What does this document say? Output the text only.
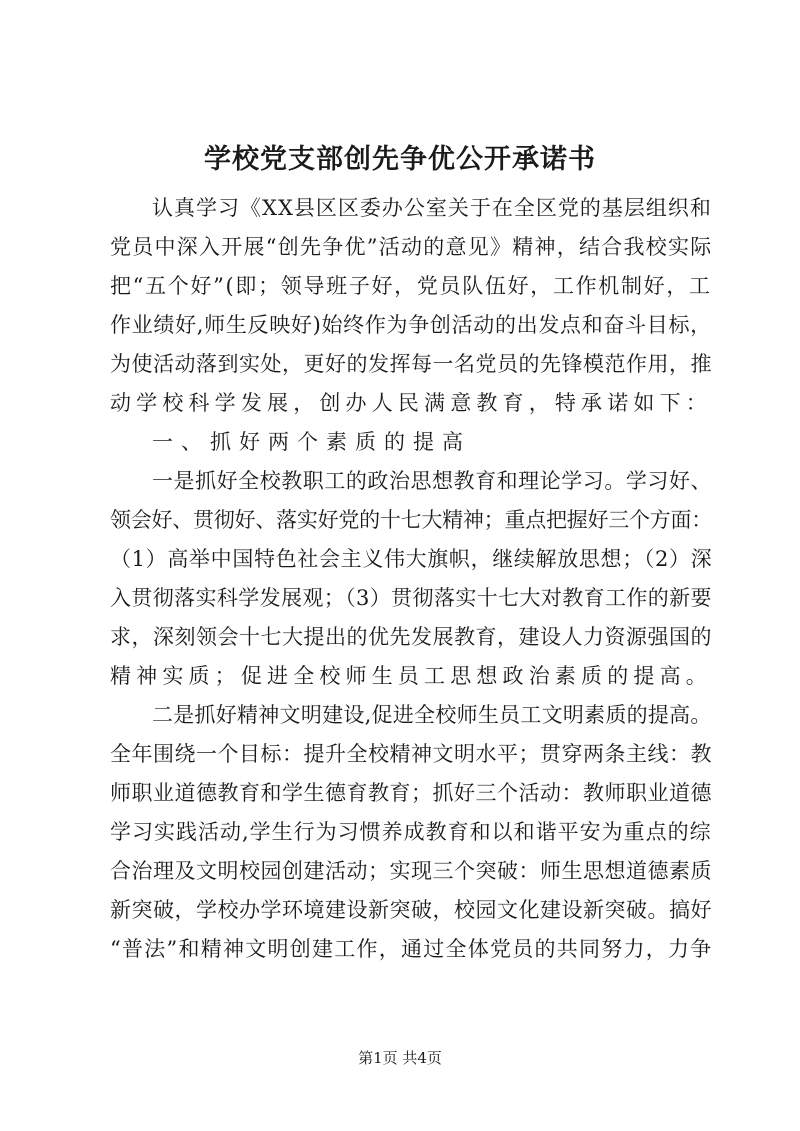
学校党支部创先争优公开承诺书
认真学习《XX县区区委办公室关于在全区党的基层组织和
党员中深入开展“创先争优”活动的意见》精神，结合我校实际
把“五个好”(即；领导班子好，党员队伍好，工作机制好，工
作业绩好,师生反映好)始终作为争创活动的出发点和奋斗目标，
为使活动落到实处，更好的发挥每一名党员的先锋模范作用，推
动学校科学发展，创办人民满意教育，特承诺如下：
一、抓好两个素质的提高
一是抓好全校教职工的政治思想教育和理论学习。学习好、
领会好、贯彻好、落实好党的十七大精神；重点把握好三个方面：
（1）高举中国特色社会主义伟大旗帜，继续解放思想；（2）深
入贯彻落实科学发展观；（3）贯彻落实十七大对教育工作的新要
求，深刻领会十七大提出的优先发展教育，建设人力资源强国的
精神实质；促进全校师生员工思想政治素质的提高。
二是抓好精神文明建设,促进全校师生员工文明素质的提高。
全年围绕一个目标：提升全校精神文明水平；贯穿两条主线：教
师职业道德教育和学生德育教育；抓好三个活动：教师职业道德
学习实践活动,学生行为习惯养成教育和以和谐平安为重点的综
合治理及文明校园创建活动；实现三个突破：师生思想道德素质
新突破，学校办学环境建设新突破，校园文化建设新突破。搞好
“普法”和精神文明创建工作，通过全体党员的共同努力，力争
第1页 共4页
